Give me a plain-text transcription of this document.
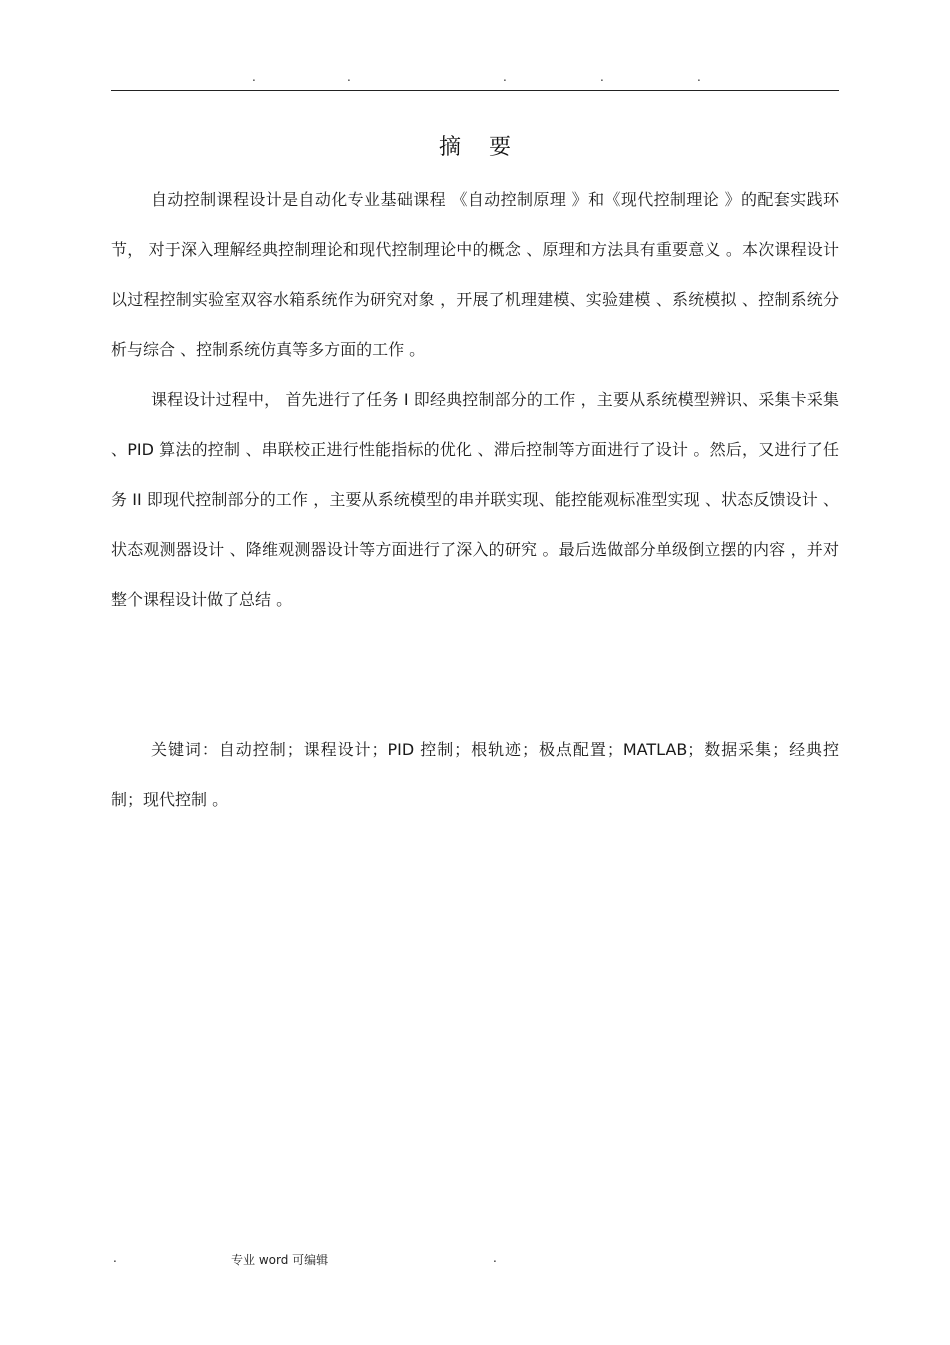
.	.	.	.	.
摘要

自动控制课程设计是自动化专业基础课程 《自动控制原理 》和《现代控制理论 》的配套实践环节， 对于深入理解经典控制理论和现代控制理论中的概念 、原理和方法具有重要意义 。本次课程设计以过程控制实验室双容水箱系统作为研究对象 ，开展了机理建模、实验建模 、系统模拟 、控制系统分析与综合 、控制系统仿真等多方面的工作 。

课程设计过程中， 首先进行了任务 I 即经典控制部分的工作 ，主要从系统模型辨识、采集卡采集 、PID 算法的控制 、串联校正进行性能指标的优化 、滞后控制等方面进行了设计 。然后，又进行了任务 II 即现代控制部分的工作 ，主要从系统模型的串并联实现、能控能观标准型实现 、状态反馈设计 、状态观测器设计 、降维观测器设计等方面进行了深入的研究 。最后选做部分单级倒立摆的内容 ，并对整个课程设计做了总结 。

关键词：自动控制；课程设计；PID 控制；根轨迹；极点配置；MATLAB；数据采集；经典控制；现代控制 。

.	专业 word 可编辑	.
